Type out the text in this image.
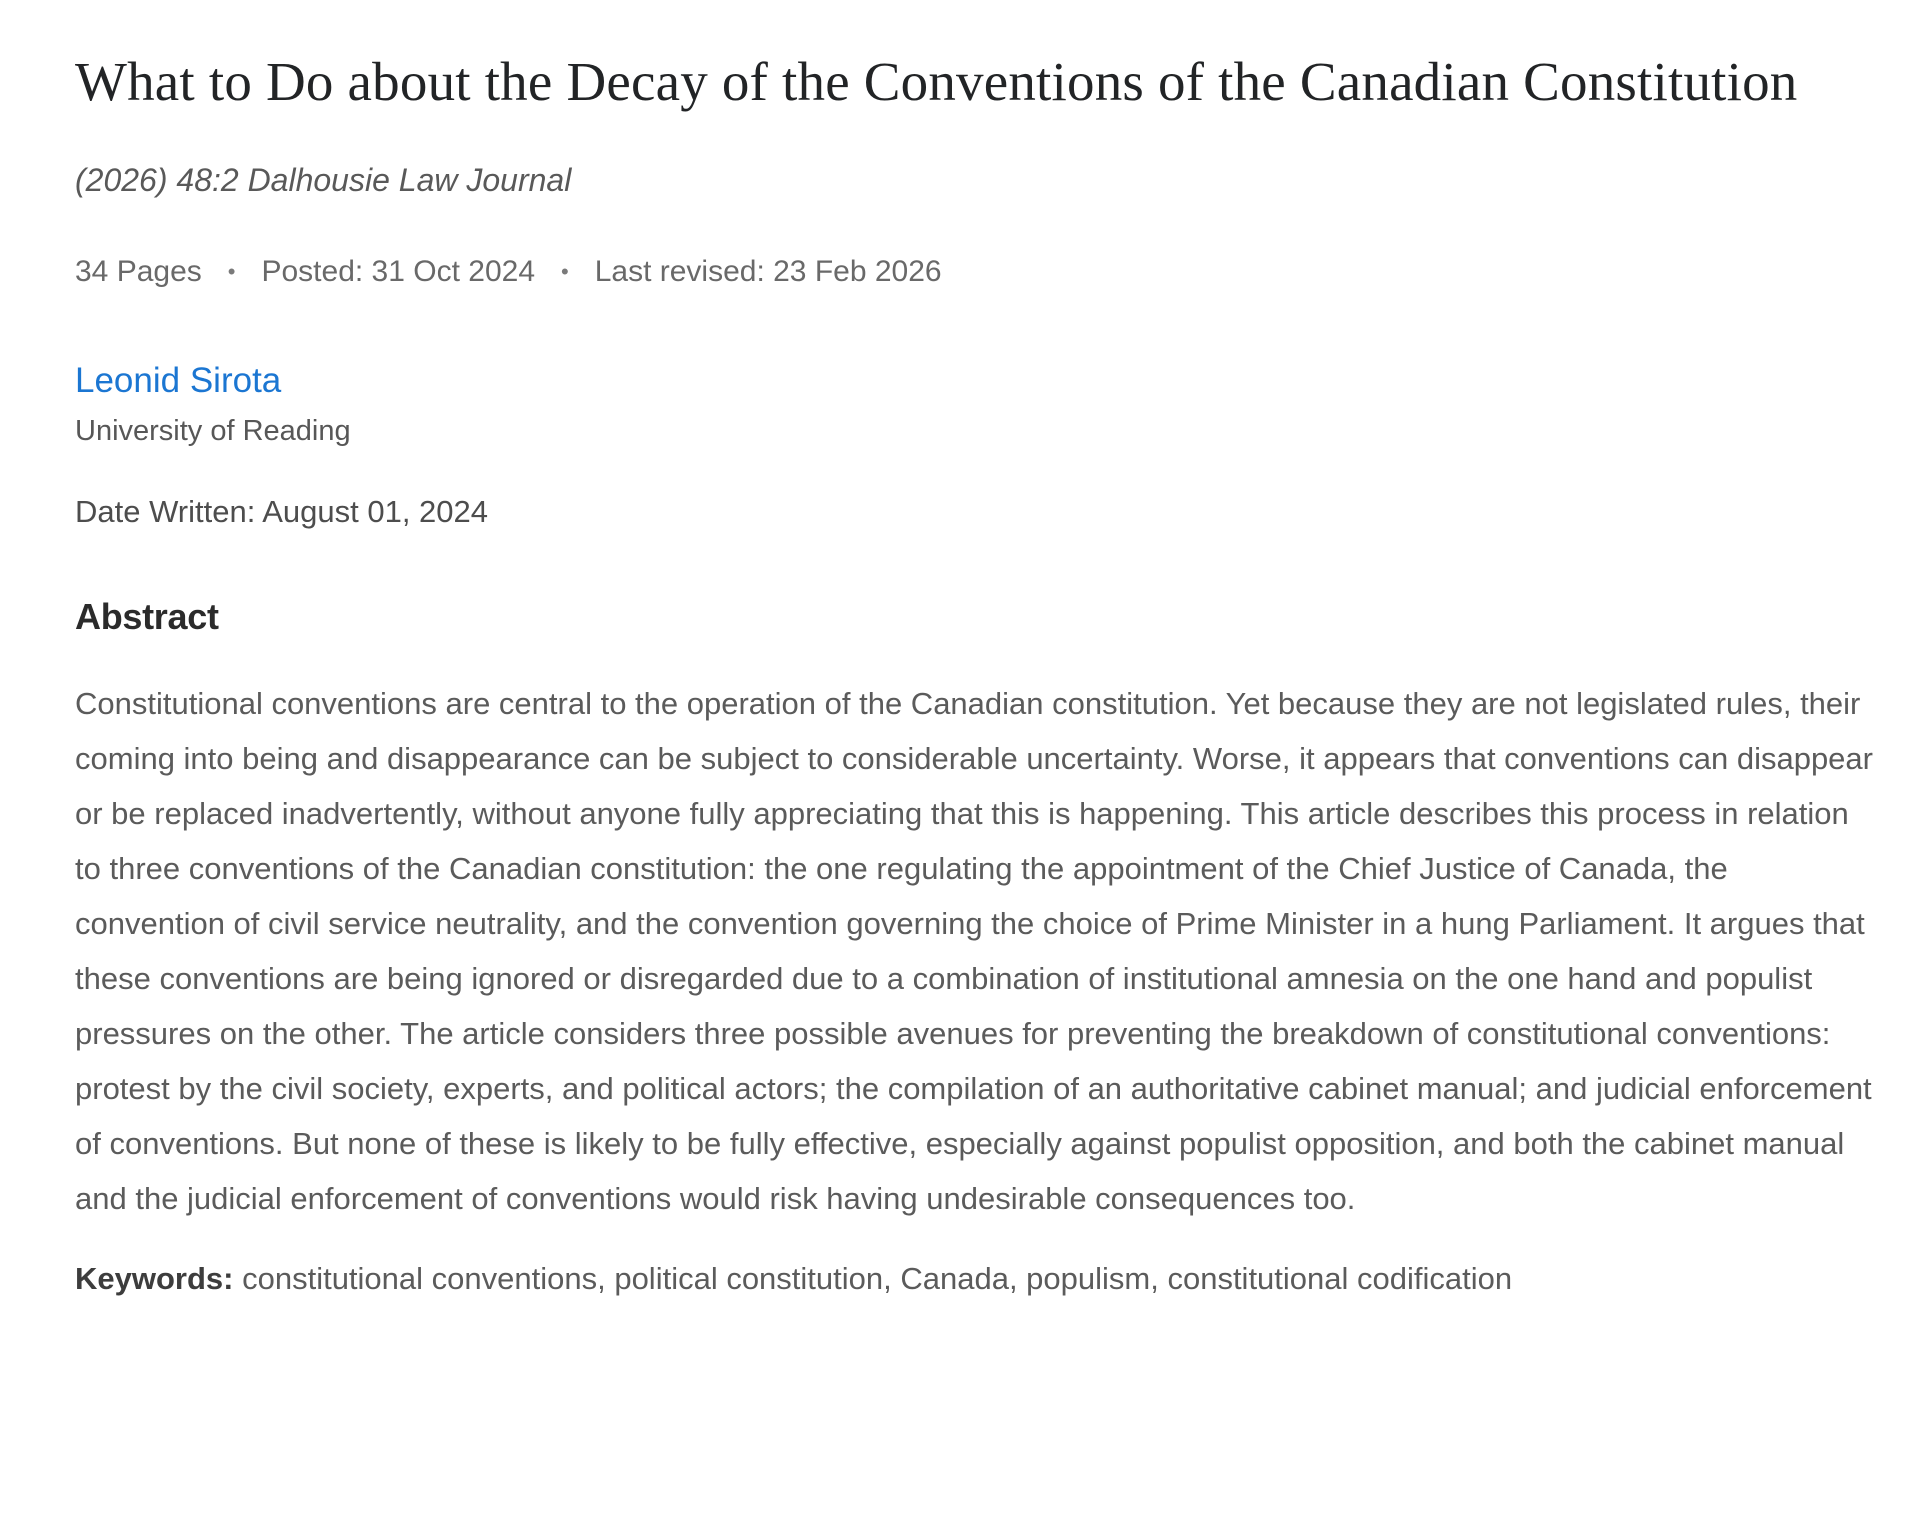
What to Do about the Decay of the Conventions of the Canadian Constitution
(2026) 48:2 Dalhousie Law Journal
34 Pages • Posted: 31 Oct 2024 • Last revised: 23 Feb 2026
Leonid Sirota
University of Reading
Date Written: August 01, 2024
Abstract

Constitutional conventions are central to the operation of the Canadian constitution. Yet because they are not legislated rules, their coming into being and disappearance can be subject to considerable uncertainty. Worse, it appears that conventions can disappear or be replaced inadvertently, without anyone fully appreciating that this is happening. This article describes this process in relation to three conventions of the Canadian constitution: the one regulating the appointment of the Chief Justice of Canada, the convention of civil service neutrality, and the convention governing the choice of Prime Minister in a hung Parliament. It argues that these conventions are being ignored or disregarded due to a combination of institutional amnesia on the one hand and populist pressures on the other. The article considers three possible avenues for preventing the breakdown of constitutional conventions: protest by the civil society, experts, and political actors; the compilation of an authoritative cabinet manual; and judicial enforcement of conventions. But none of these is likely to be fully effective, especially against populist opposition, and both the cabinet manual and the judicial enforcement of conventions would risk having undesirable consequences too.

Keywords: constitutional conventions, political constitution, Canada, populism, constitutional codification
